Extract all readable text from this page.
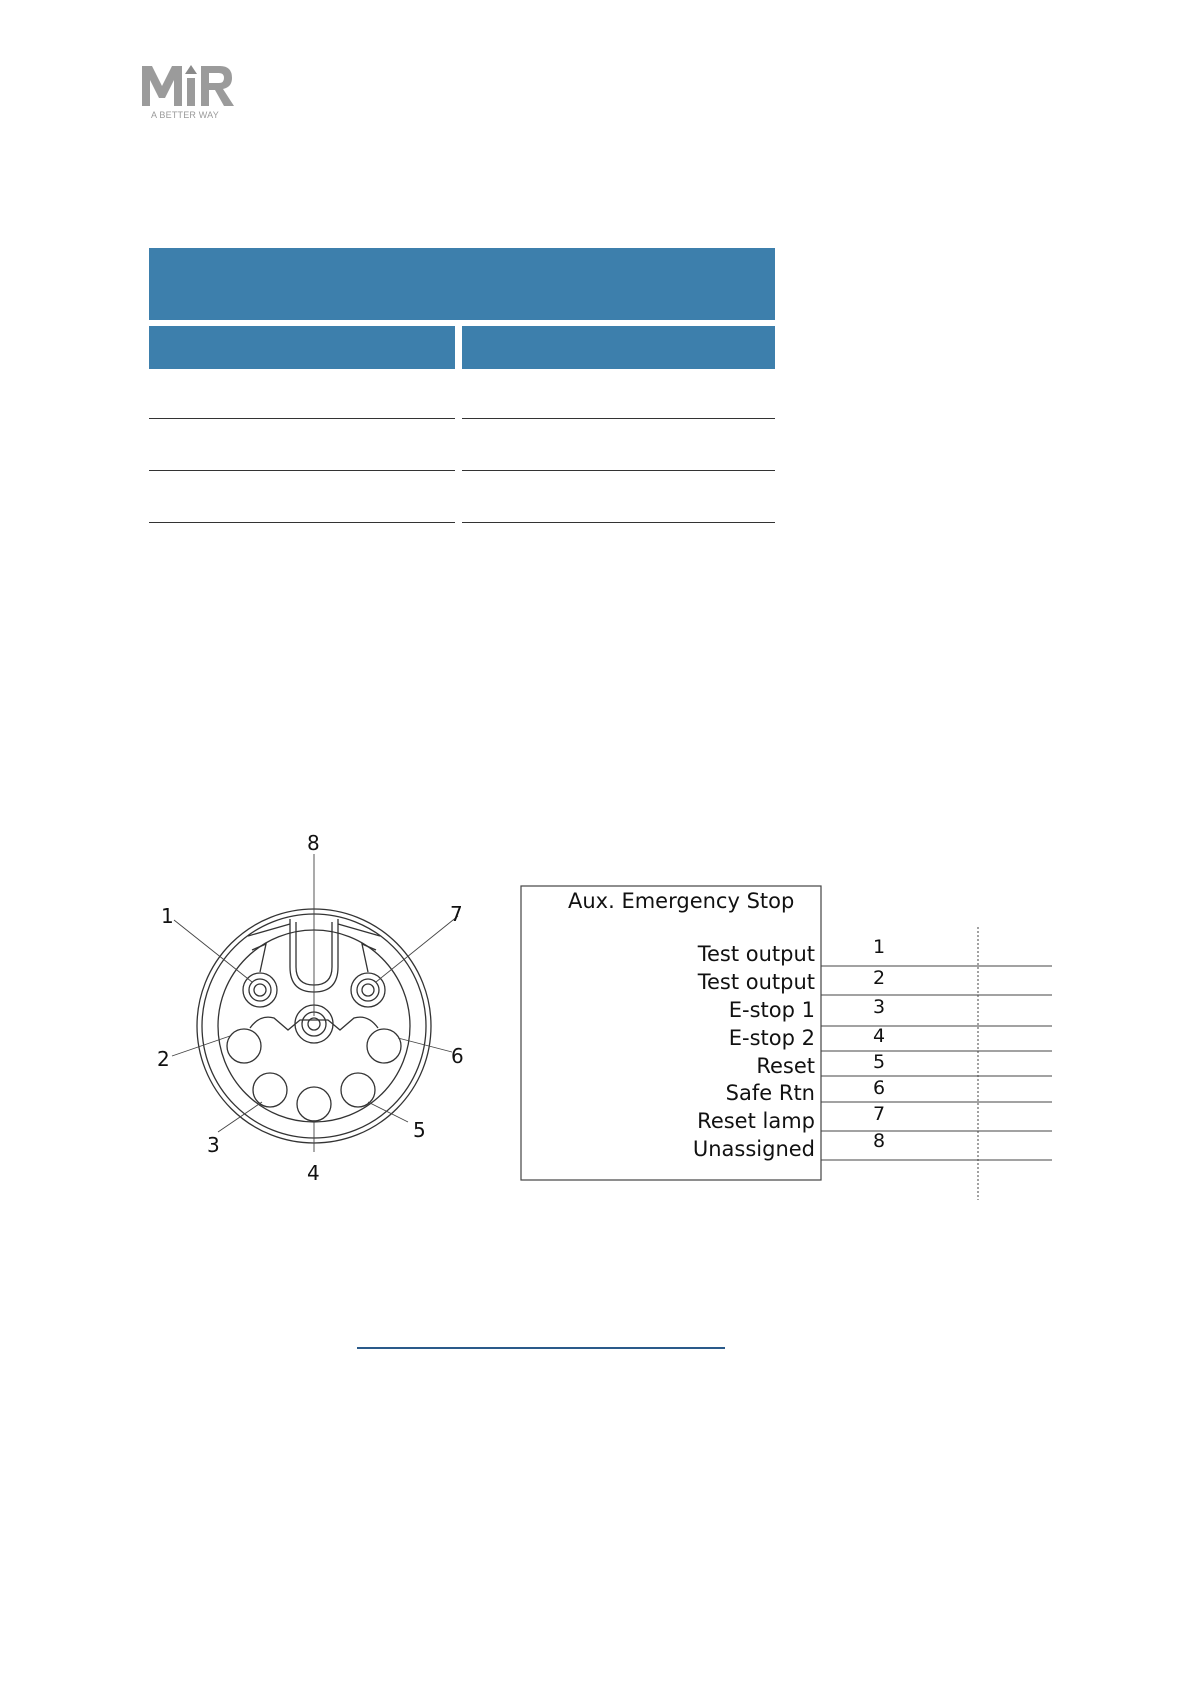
A BETTER WAY
8
1	7
2	6
3
5
4
Aux. Emergency Stop
Test output	1
Test output	2
E-stop 1	3
E-stop 2	4
Reset	5
Safe Rtn	6
Reset lamp	7
Unassigned	8
